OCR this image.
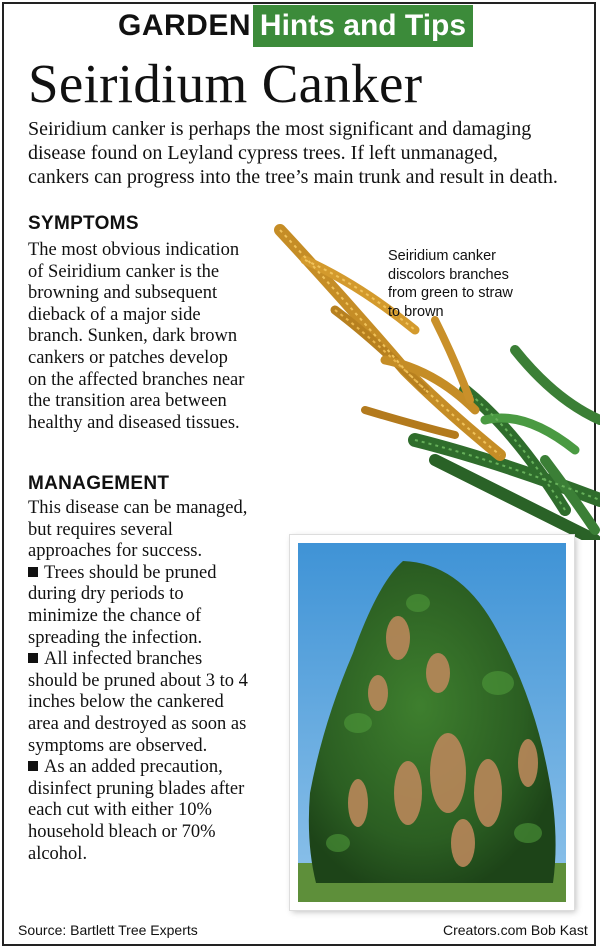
GARDEN Hints and Tips
Seiridium Canker

Seiridium canker is perhaps the most significant and damaging

disease found on Leyland cypress trees. If left unmanaged,

cankers can progress into the tree’s main trunk and result in death.

SYMPTOMS

The most obvious indication

of Seiridium canker is the

browning and subsequent

dieback of a major side

branch. Sunken, dark brown

cankers or patches develop

on the affected branches near

the transition area between

healthy and diseased tissues.

MANAGEMENT

This disease can be managed,

but requires several

approaches for success.

Trees should be pruned

during dry periods to

minimize the chance of

spreading the infection.

All infected branches

should be pruned about 3 to 4

inches below the cankered

area and destroyed as soon as

symptoms are observed.

As an added precaution,

disinfect pruning blades after

each cut with either 10%

household bleach or 70%

alcohol.

Seiridium canker

discolors branches

from green to straw

to brown

Source: Bartlett Tree Experts	Creators.com Bob Kast
